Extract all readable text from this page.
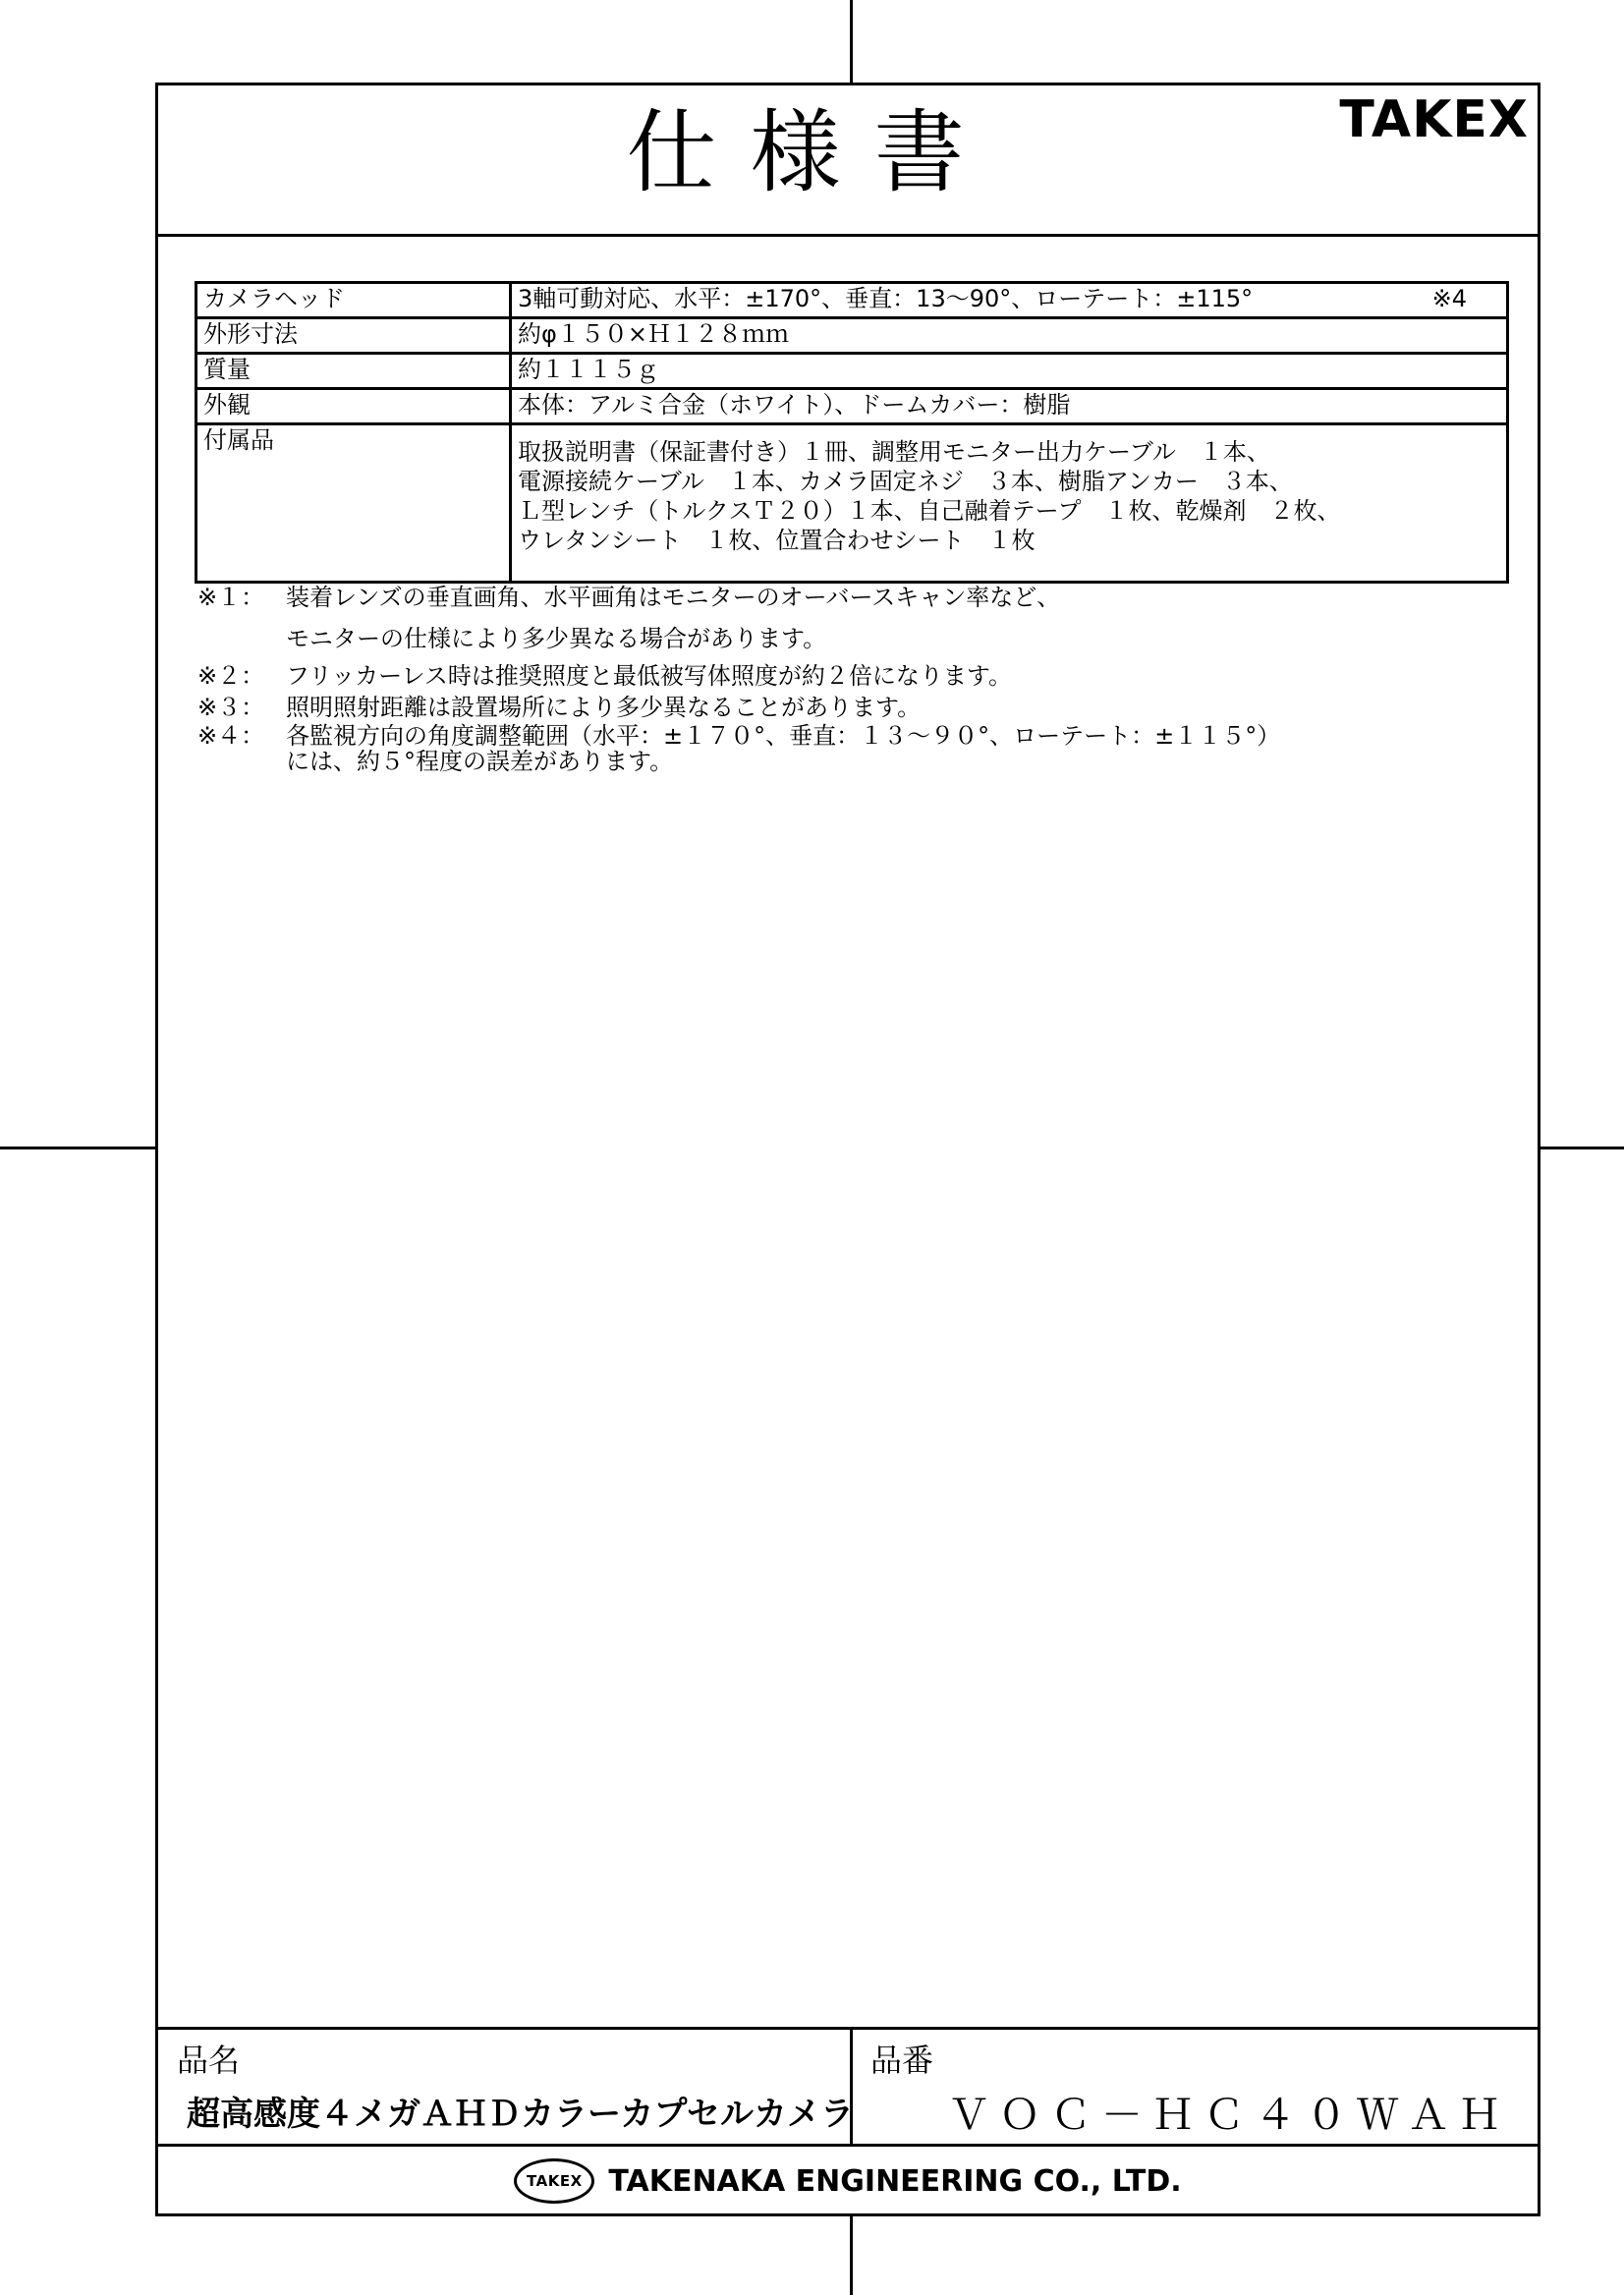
仕様書	TAKEX
カメラヘッド	3軸可動対応、水平：±170°、垂直：13～90°、ローテート：±115° ※4

外形寸法	約φ１５０×Ｈ１２８ｍｍ
質量	約１１１５ｇ
外観	本体：アルミ合金（ホワイト）、ドームカバー：樹脂
付属品	取扱説明書（保証書付き）１冊、調整用モニター出力ケーブル　１本、
電源接続ケーブル　１本、カメラ固定ネジ　３本、樹脂アンカー　３本、
Ｌ型レンチ（トルクスＴ２０）１本、自己融着テープ　１枚、乾燥剤　２枚、
ウレタンシート　１枚、位置合わせシート　１枚
※１： 装着レンズの垂直画角、水平画角はモニターのオーバースキャン率など、
モニターの仕様により多少異なる場合があります。
※２： フリッカーレス時は推奨照度と最低被写体照度が約２倍になります。
※３： 照明照射距離は設置場所により多少異なることがあります。
※４： 各監視方向の角度調整範囲（水平：±１７０°、垂直：１３～９０°、ローテート：±１１５°）
には、約５°程度の誤差があります。
品名
超高感度４メガＡＨＤカラーカプセルカメラ
品番
ＶＯＣ－ＨＣ４０ＷＡＨ
TAKEX TAKENAKA ENGINEERING CO., LTD.
